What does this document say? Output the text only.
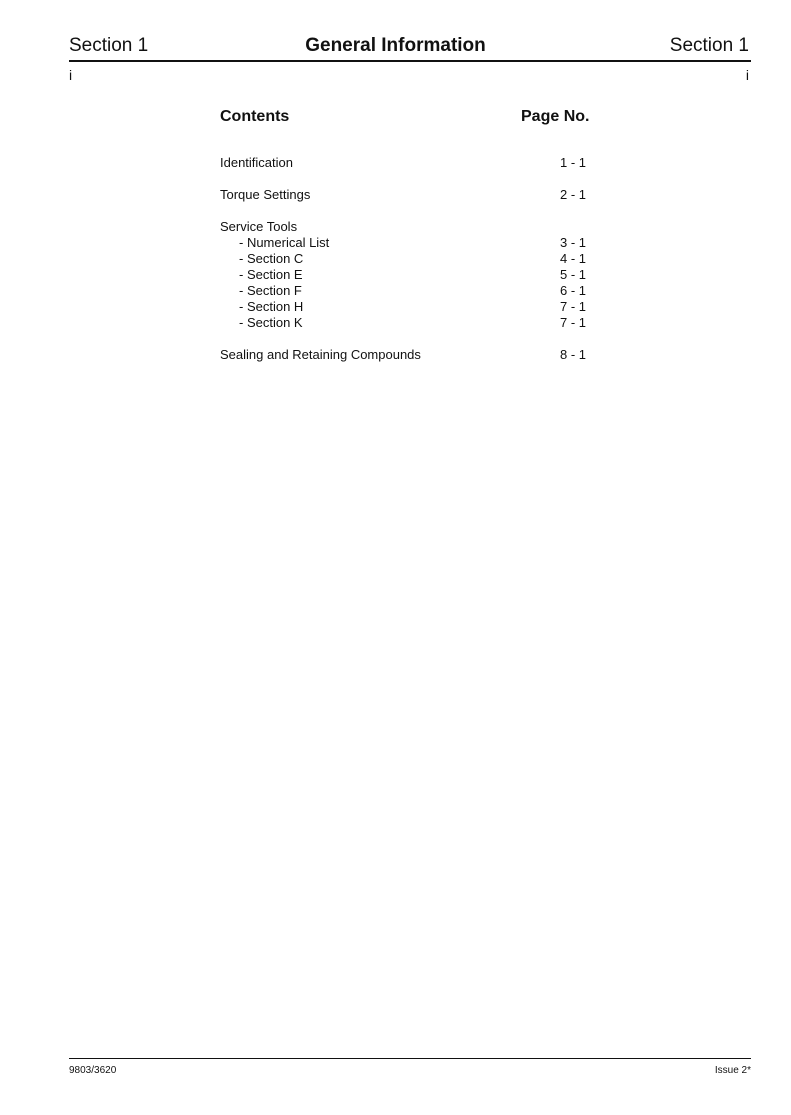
Section 1	General Information	Section 1
i	i
Contents	Page No.
Identification	1 - 1
Torque Settings	2 - 1
Service Tools
- Numerical List	3 - 1
- Section C	4 - 1
- Section E	5 - 1
- Section F	6 - 1
- Section H	7 - 1
- Section K	7 - 1
Sealing and Retaining Compounds	8 - 1
9803/3620	Issue 2*
